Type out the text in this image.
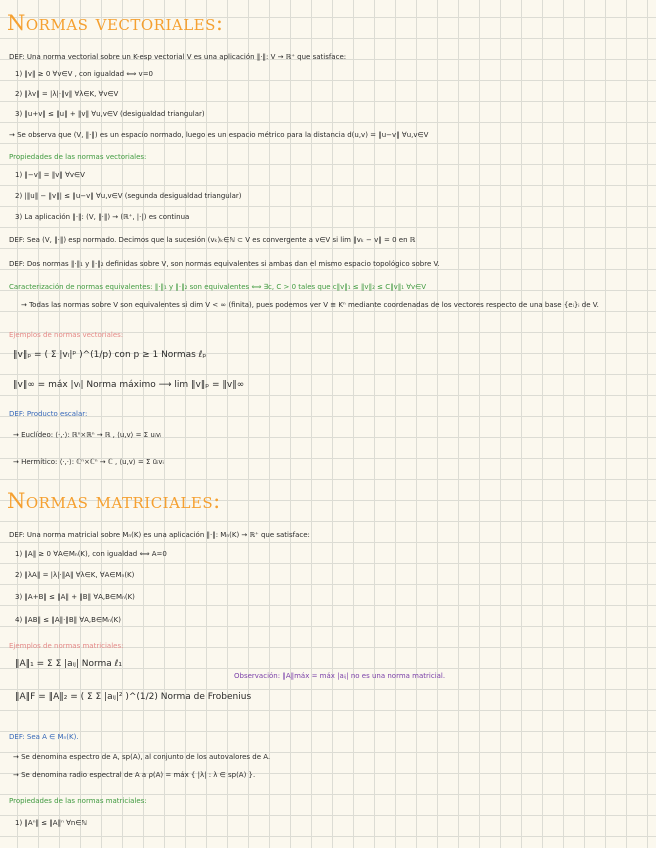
Normas vectoriales:
DEF: Una norma vectorial sobre un K-esp vectorial V es una aplicación ‖·‖: V → ℝ⁺ que satisface:
1) ‖v‖ ≥ 0 ∀v∈V , con igualdad ⟺ v=0
2) ‖λv‖ = |λ|·‖v‖ ∀λ∈K, ∀v∈V
3) ‖u+v‖ ≤ ‖u‖ + ‖v‖ ∀u,v∈V (desigualdad triangular)
→ Se observa que (V, ‖·‖) es un espacio normado, luego es un espacio métrico para la distancia d(u,v) = ‖u−v‖ ∀u,v∈V
Propiedades de las normas vectoriales:
1) ‖−v‖ = ‖v‖ ∀v∈V
2) |‖u‖ − ‖v‖| ≤ ‖u−v‖ ∀u,v∈V (segunda desigualdad triangular)
3) La aplicación ‖·‖: (V, ‖·‖) → (ℝ⁺, |·|) es continua
DEF: Sea (V, ‖·‖) esp normado. Decimos que la sucesión (vₖ)ₖ∈ℕ ⊂ V es convergente a v∈V si lim ‖vₖ − v‖ = 0 en ℝ
DEF: Dos normas ‖·‖₁ y ‖·‖₂ definidas sobre V, son normas equivalentes si ambas dan el mismo espacio topológico sobre V.
Caracterización de normas equivalentes: ‖·‖₁ y ‖·‖₂ son equivalentes ⟺ ∃c, C > 0 tales que c‖v‖₁ ≤ ‖v‖₂ ≤ C‖v‖₁ ∀v∈V
→ Todas las normas sobre V son equivalentes si dim V < ∞ (finita), pues podemos ver V ≅ Kⁿ mediante coordenadas de los vectores respecto de una base {eᵢ}ᵢ de V.
Ejemplos de normas vectoriales:
‖v‖ₚ = ( Σ |vᵢ|ᵖ )^(1/p) con p ≥ 1 Normas ℓₚ
‖v‖∞ = máx |vᵢ| Norma máximo ⟶ lim ‖v‖ₚ = ‖v‖∞
DEF: Producto escalar:
→ Euclídeo: ⟨·,·⟩: ℝⁿ×ℝⁿ → ℝ , ⟨u,v⟩ = Σ uᵢvᵢ
→ Hermítico: ⟨·,·⟩: ℂⁿ×ℂⁿ → ℂ , ⟨u,v⟩ = Σ ūᵢvᵢ
Normas matriciales:
DEF: Una norma matricial sobre Mₙ(K) es una aplicación ‖·‖: Mₙ(K) → ℝ⁺ que satisface:
1) ‖A‖ ≥ 0 ∀A∈Mₙ(K), con igualdad ⟺ A=0
2) ‖λA‖ = |λ|·‖A‖ ∀λ∈K, ∀A∈Mₙ(K)
3) ‖A+B‖ ≤ ‖A‖ + ‖B‖ ∀A,B∈Mₙ(K)
4) ‖AB‖ ≤ ‖A‖·‖B‖ ∀A,B∈Mₙ(K)
Ejemplos de normas matriciales:
‖A‖₁ = Σ Σ |aᵢⱼ| Norma ℓ₁
‖A‖F = ‖A‖₂ = ( Σ Σ |aᵢⱼ|² )^(1/2) Norma de Frobenius
Observación: ‖A‖máx = máx |aᵢⱼ| no es una norma matricial.
DEF: Sea A ∈ Mₙ(K).
→ Se denomina espectro de A, sp(A), al conjunto de los autovalores de A.
→ Se denomina radio espectral de A a ρ(A) = máx { |λ| : λ ∈ sp(A) }.
Propiedades de las normas matriciales:
1) ‖Aⁿ‖ ≤ ‖A‖ⁿ ∀n∈ℕ
